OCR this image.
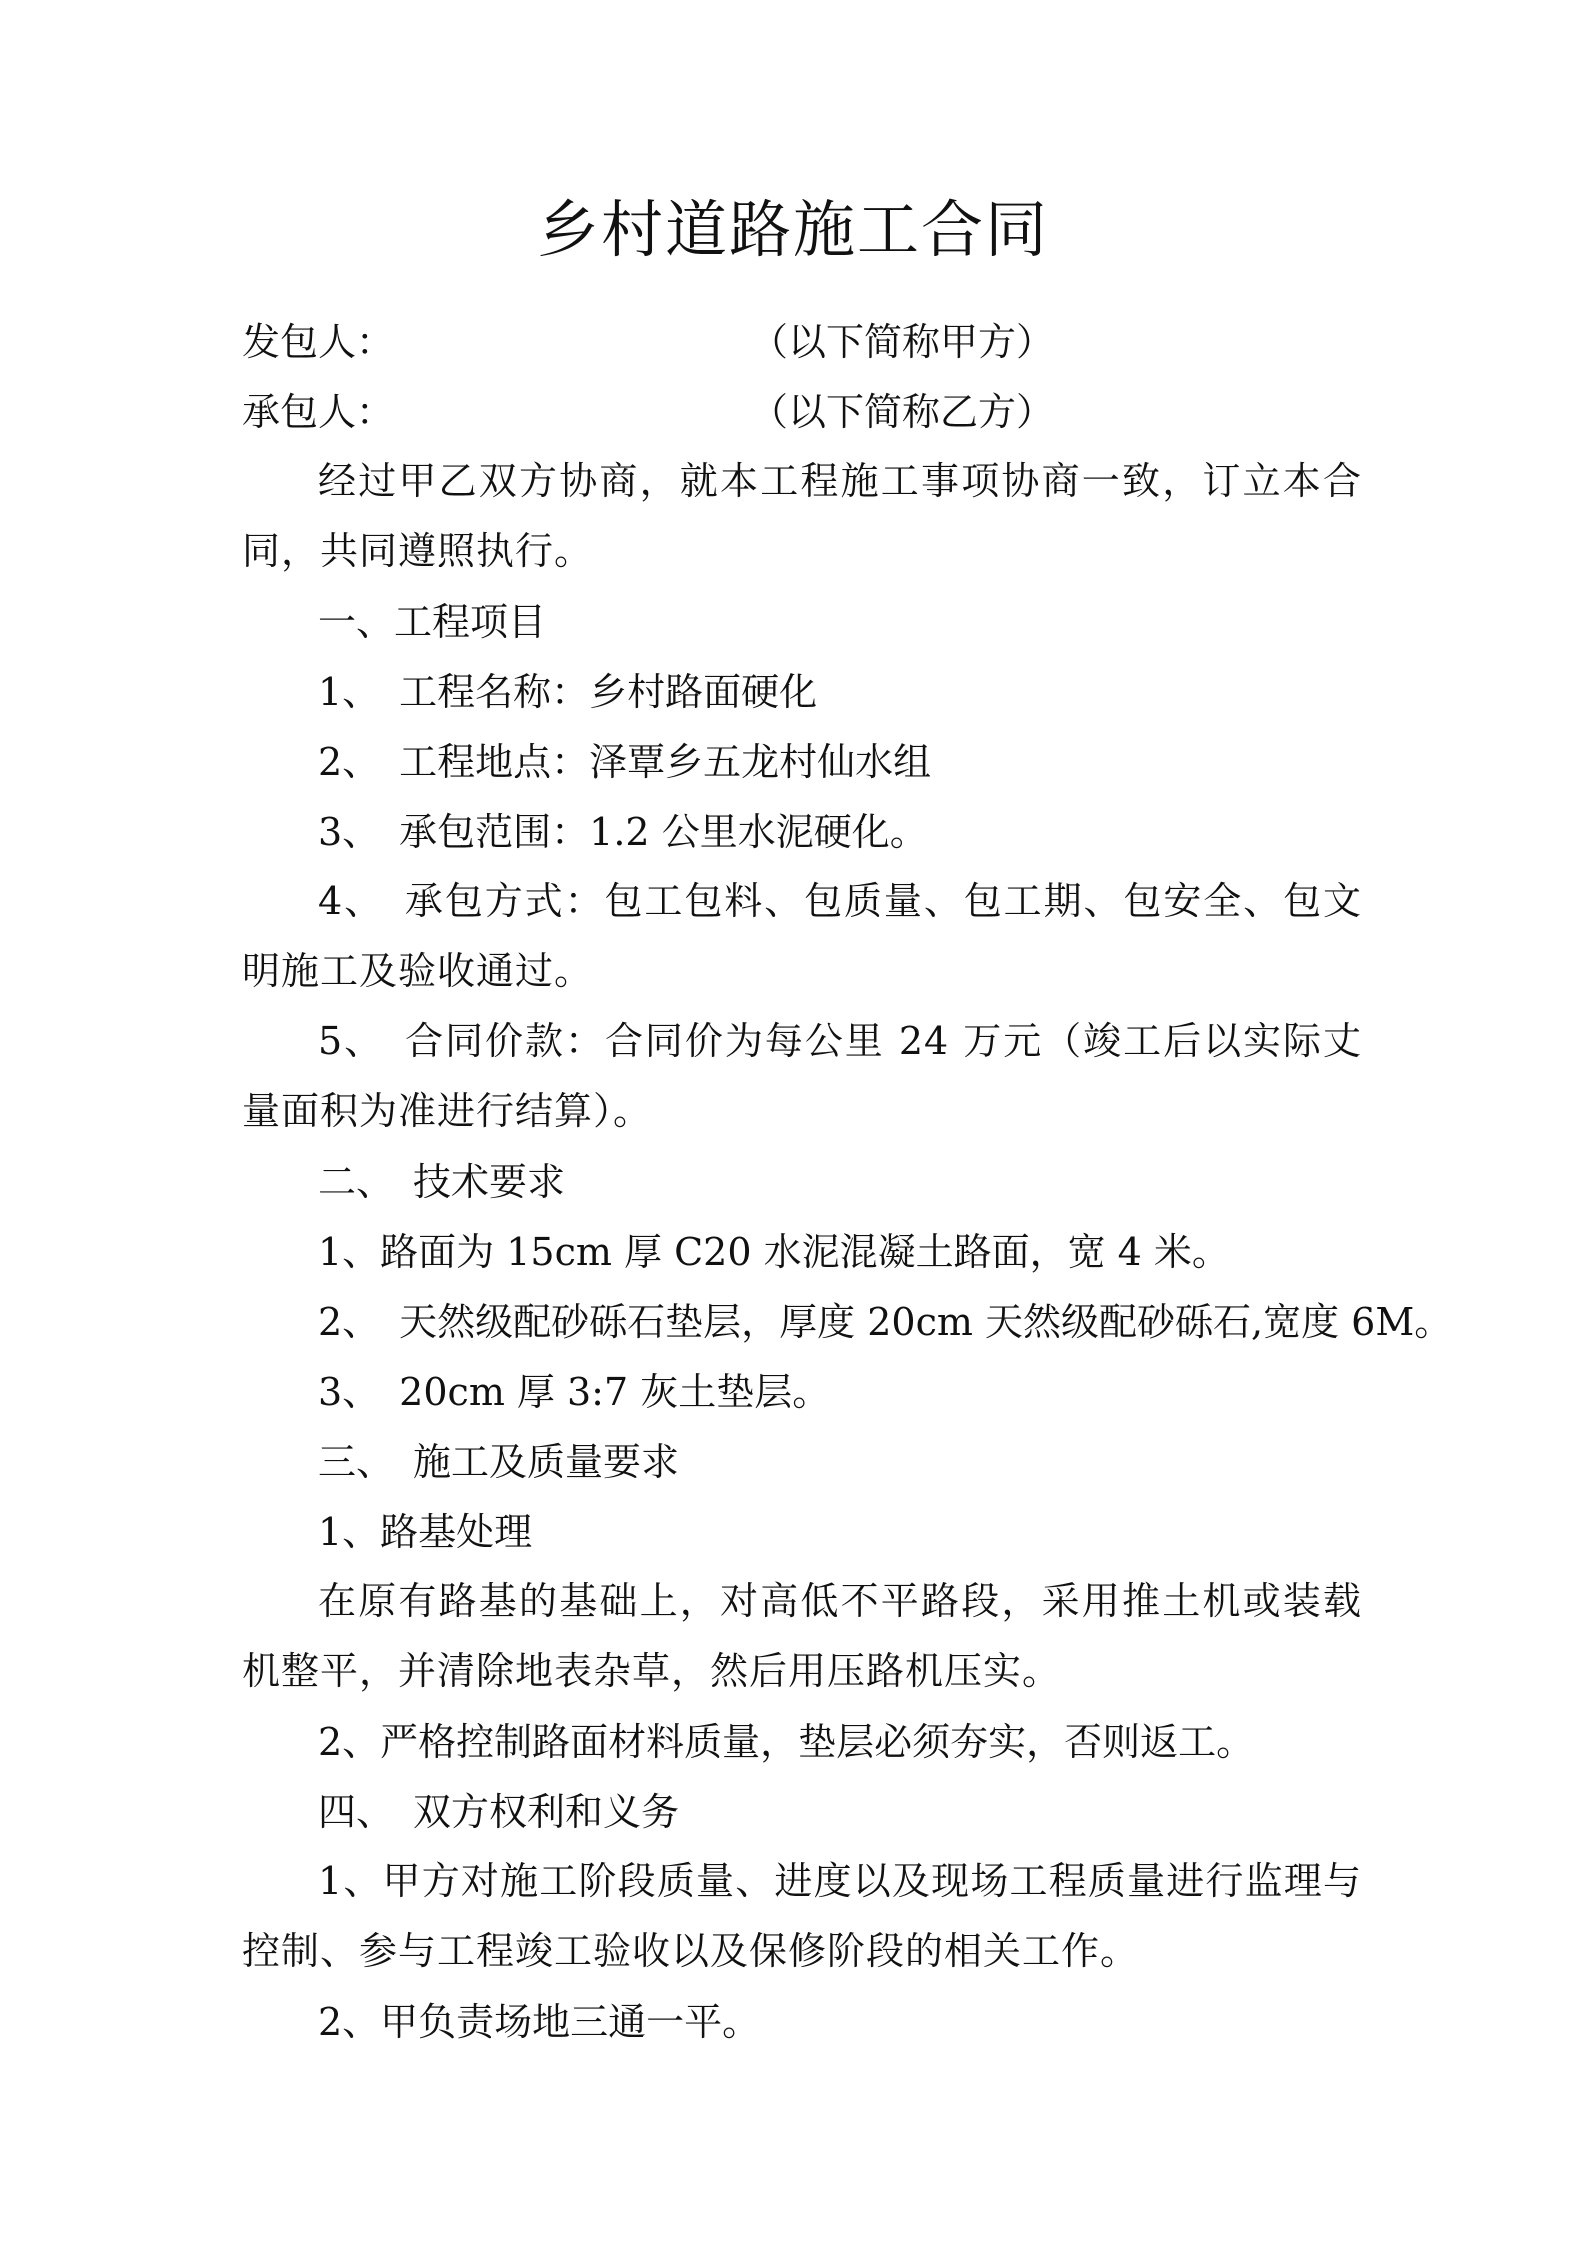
乡村道路施工合同
发包人：	（以下简称甲方）
承包人：	（以下简称乙方）

经过甲乙双方协商，就本工程施工事项协商一致，订立本合同，共同遵照执行。

一、工程项目
1、　工程名称：乡村路面硬化
2、　工程地点：泽覃乡五龙村仙水组
3、　承包范围：1.2 公里水泥硬化。

4、　承包方式：包工包料、包质量、包工期、包安全、包文明施工及验收通过。

5、　合同价款：合同价为每公里 24 万元（竣工后以实际丈量面积为准进行结算）。

二、　技术要求
1、路面为 15cm 厚 C20 水泥混凝土路面，宽 4 米。
2、　天然级配砂砾石垫层，厚度 20cm 天然级配砂砾石,宽度 6M。
3、　20cm 厚 3:7 灰土垫层。
三、　施工及质量要求
1、路基处理

在原有路基的基础上，对高低不平路段，采用推土机或装载机整平，并清除地表杂草，然后用压路机压实。

2、严格控制路面材料质量，垫层必须夯实，否则返工。
四、　双方权利和义务

1、甲方对施工阶段质量、进度以及现场工程质量进行监理与控制、参与工程竣工验收以及保修阶段的相关工作。

2、甲负责场地三通一平。
